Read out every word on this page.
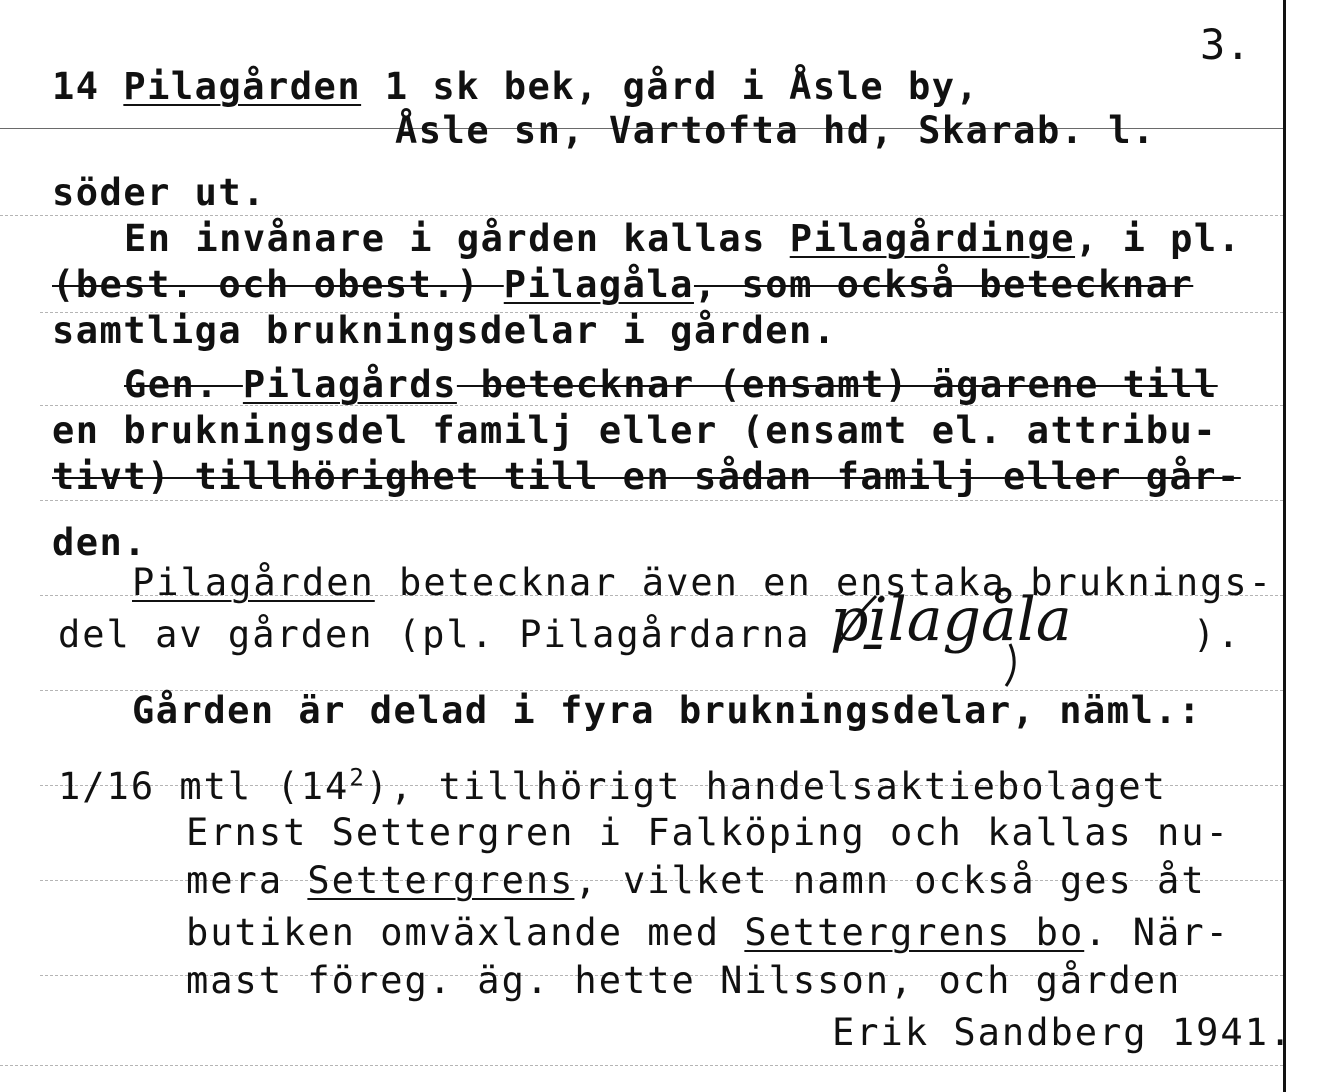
3.
14 Pilagården 1 sk bek, gård i Åsle by,
Åsle sn, Vartofta hd, Skarab. l.
söder ut.
En invånare i gården kallas Pilagårdinge, i pl.
(best. och obest.) Pilagåla, som också betecknar
samtliga brukningsdelar i gården.
Gen. Pilagårds betecknar (ensamt) ägarene till
en brukningsdel familj eller (ensamt el. attribu-
tivt) tillhörighet till en sådan familj eller går-
den.
Pilagården betecknar även en enstaka bruknings-
del av gården (pl. Pilagårdarna	).
pi̱lagåla
Gården är delad i fyra brukningsdelar, näml.:
1/16 mtl $(14^2)$, tillhörigt handelsaktiebolaget
Ernst Settergren i Falköping och kallas nu-
mera Settergrens, vilket namn också ges åt
butiken omväxlande med Settergrens bo. När-
mast föreg. äg. hette Nilsson, och gården
Erik Sandberg 1941.
